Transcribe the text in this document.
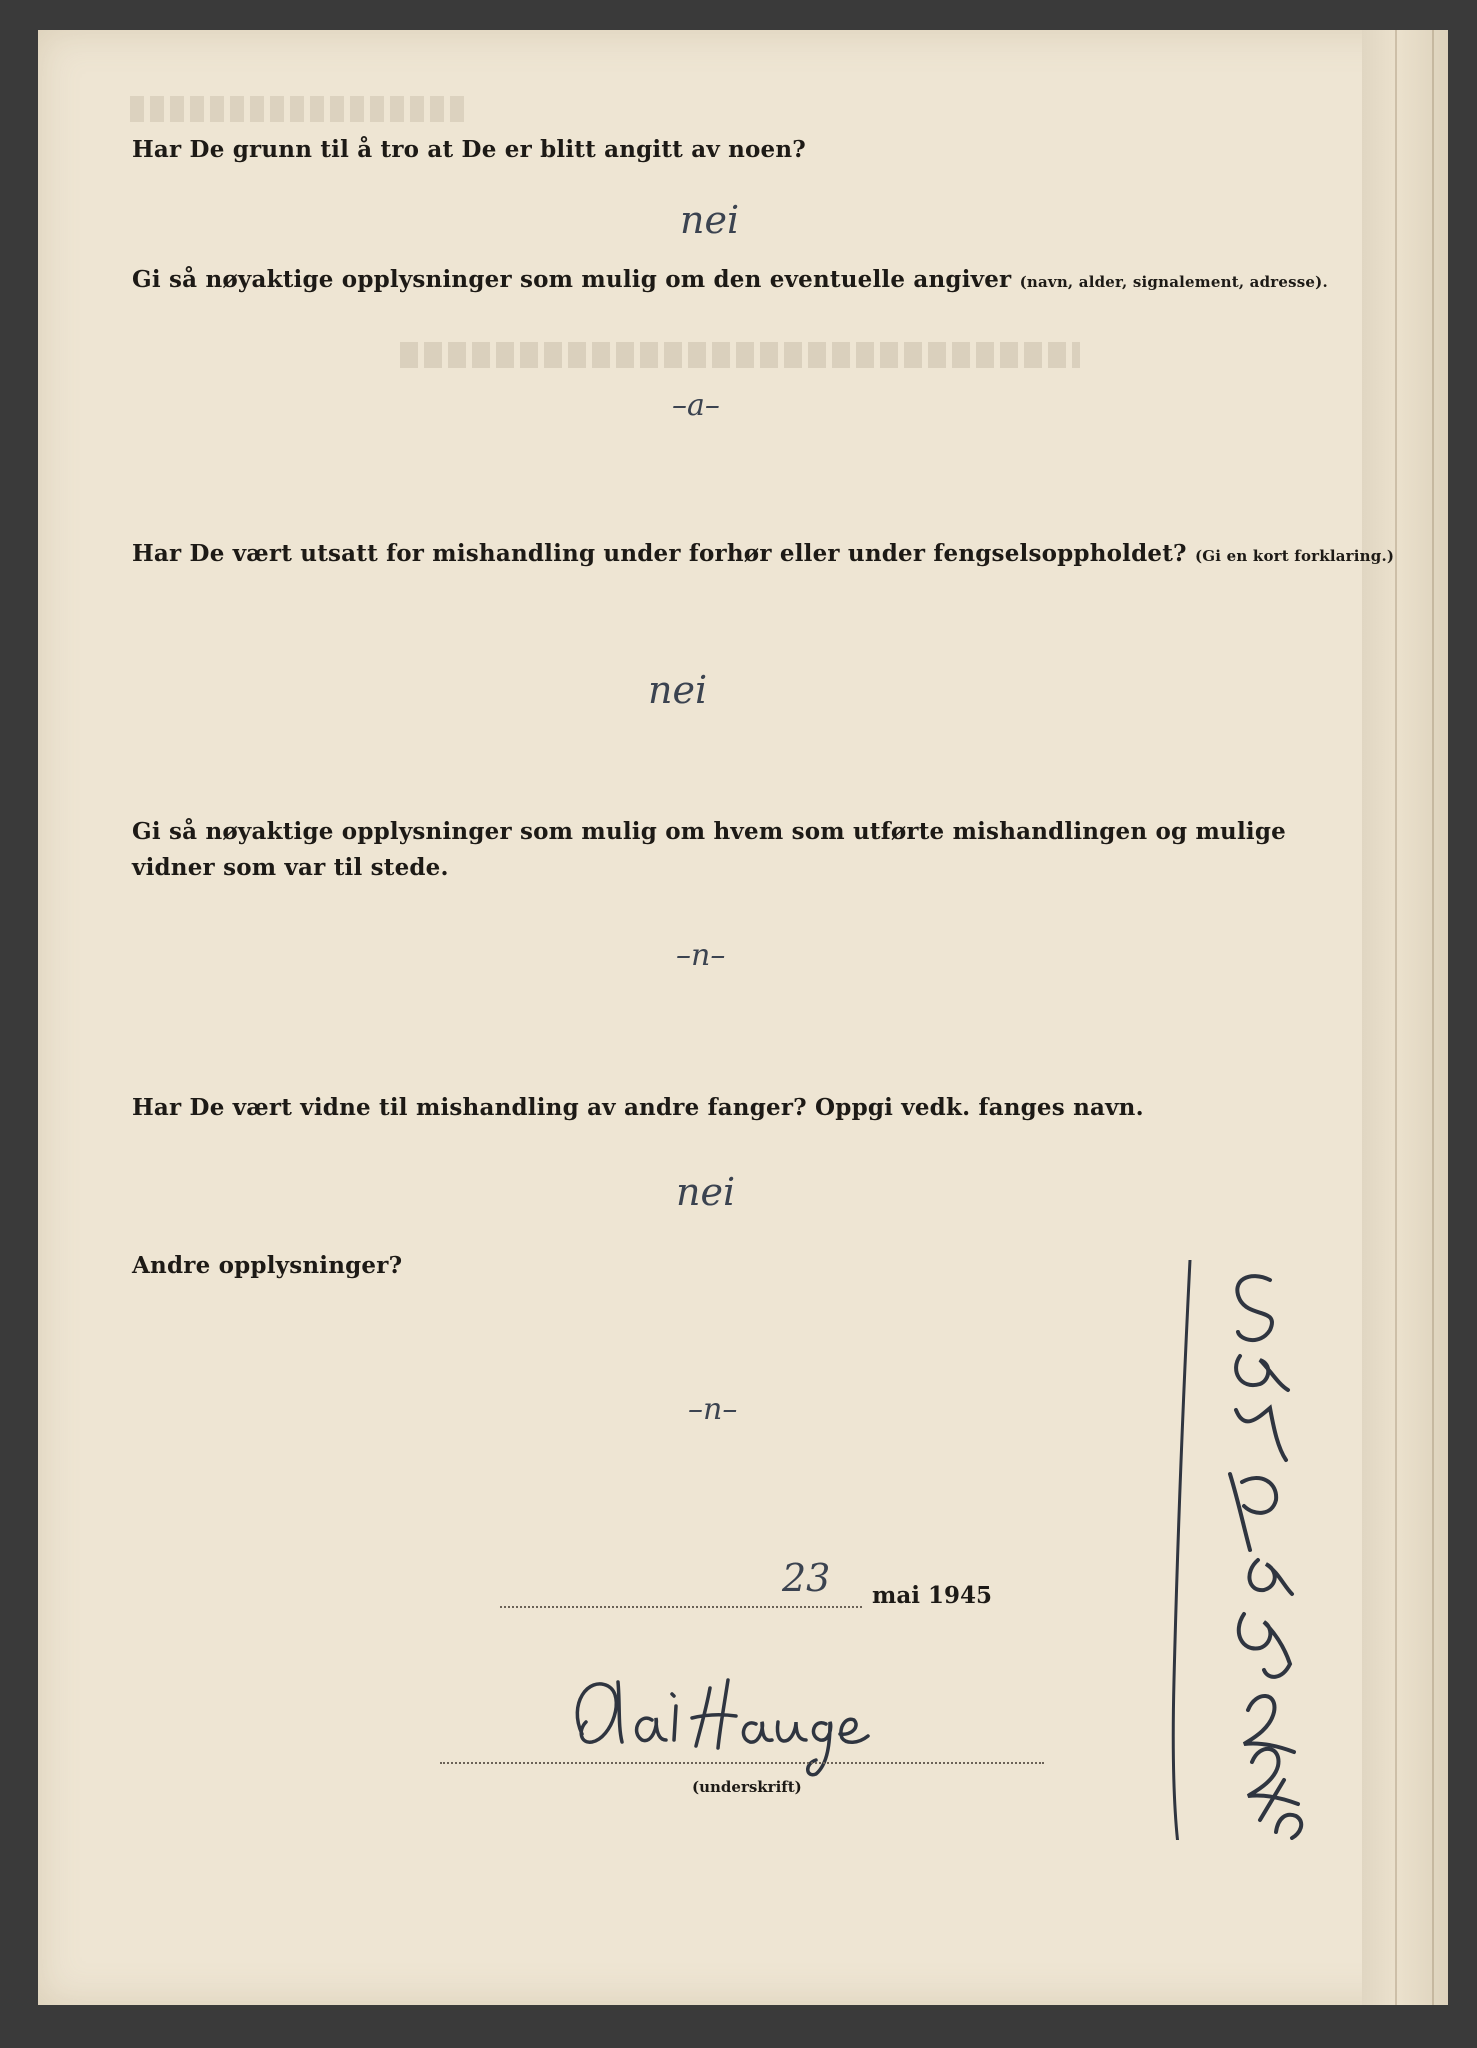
Har De grunn til å tro at De er blitt angitt av noen?

nei

Gi så nøyaktige opplysninger som mulig om den eventuelle angiver (navn, alder, signalement, adresse).

–a–

Har De vært utsatt for mishandling under forhør eller under fengselsoppholdet? (Gi en kort forklaring.)

nei

Gi så nøyaktige opplysninger som mulig om hvem som utførte mishandlingen og mulige vidner som var til stede.

–n–

Har De vært vidne til mishandling av andre fanger? Oppgi vedk. fanges navn.

nei

Andre opplysninger?

–n–

23 mai 1945
(underskrift)
